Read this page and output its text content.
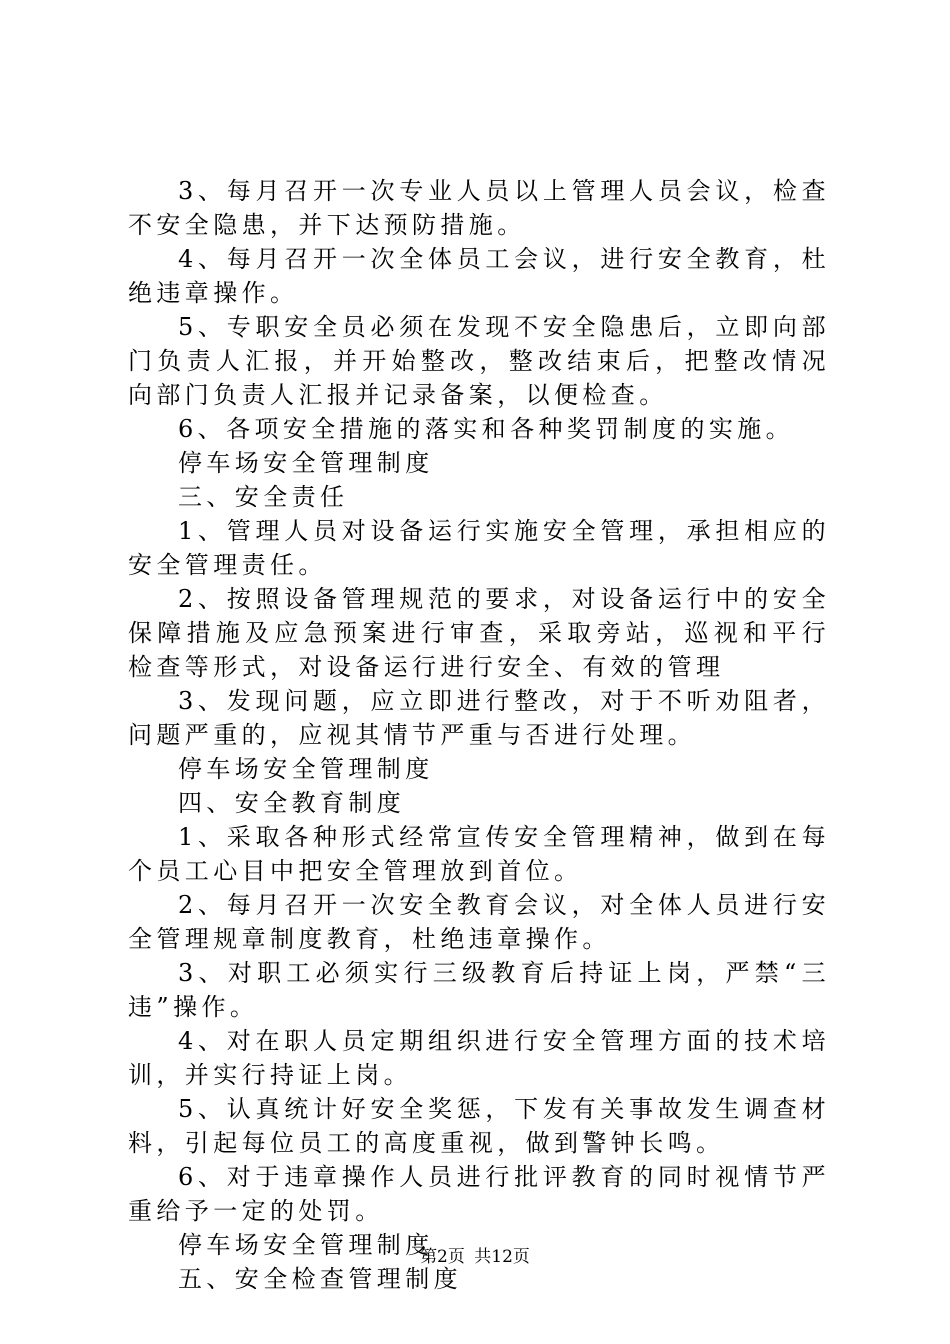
3、每月召开一次专业人员以上管理人员会议，检查不安全隐患，并下达预防措施。

4、每月召开一次全体员工会议，进行安全教育，杜绝违章操作。

5、专职安全员必须在发现不安全隐患后，立即向部门负责人汇报，并开始整改，整改结束后，把整改情况向部门负责人汇报并记录备案，以便检查。

6、各项安全措施的落实和各种奖罚制度的实施。

停车场安全管理制度

三、安全责任

1、管理人员对设备运行实施安全管理，承担相应的安全管理责任。

2、按照设备管理规范的要求，对设备运行中的安全保障措施及应急预案进行审查，采取旁站，巡视和平行检查等形式，对设备运行进行安全、有效的管理

3、发现问题，应立即进行整改，对于不听劝阻者，问题严重的，应视其情节严重与否进行处理。

停车场安全管理制度

四、安全教育制度

1、采取各种形式经常宣传安全管理精神，做到在每个员工心目中把安全管理放到首位。

2、每月召开一次安全教育会议，对全体人员进行安全管理规章制度教育，杜绝违章操作。

3、对职工必须实行三级教育后持证上岗，严禁“三违”操作。

4、对在职人员定期组织进行安全管理方面的技术培训，并实行持证上岗。

5、认真统计好安全奖惩，下发有关事故发生调查材料，引起每位员工的高度重视，做到警钟长鸣。

6、对于违章操作人员进行批评教育的同时视情节严重给予一定的处罚。

停车场安全管理制度

五、安全检查管理制度

第2页 共12页
